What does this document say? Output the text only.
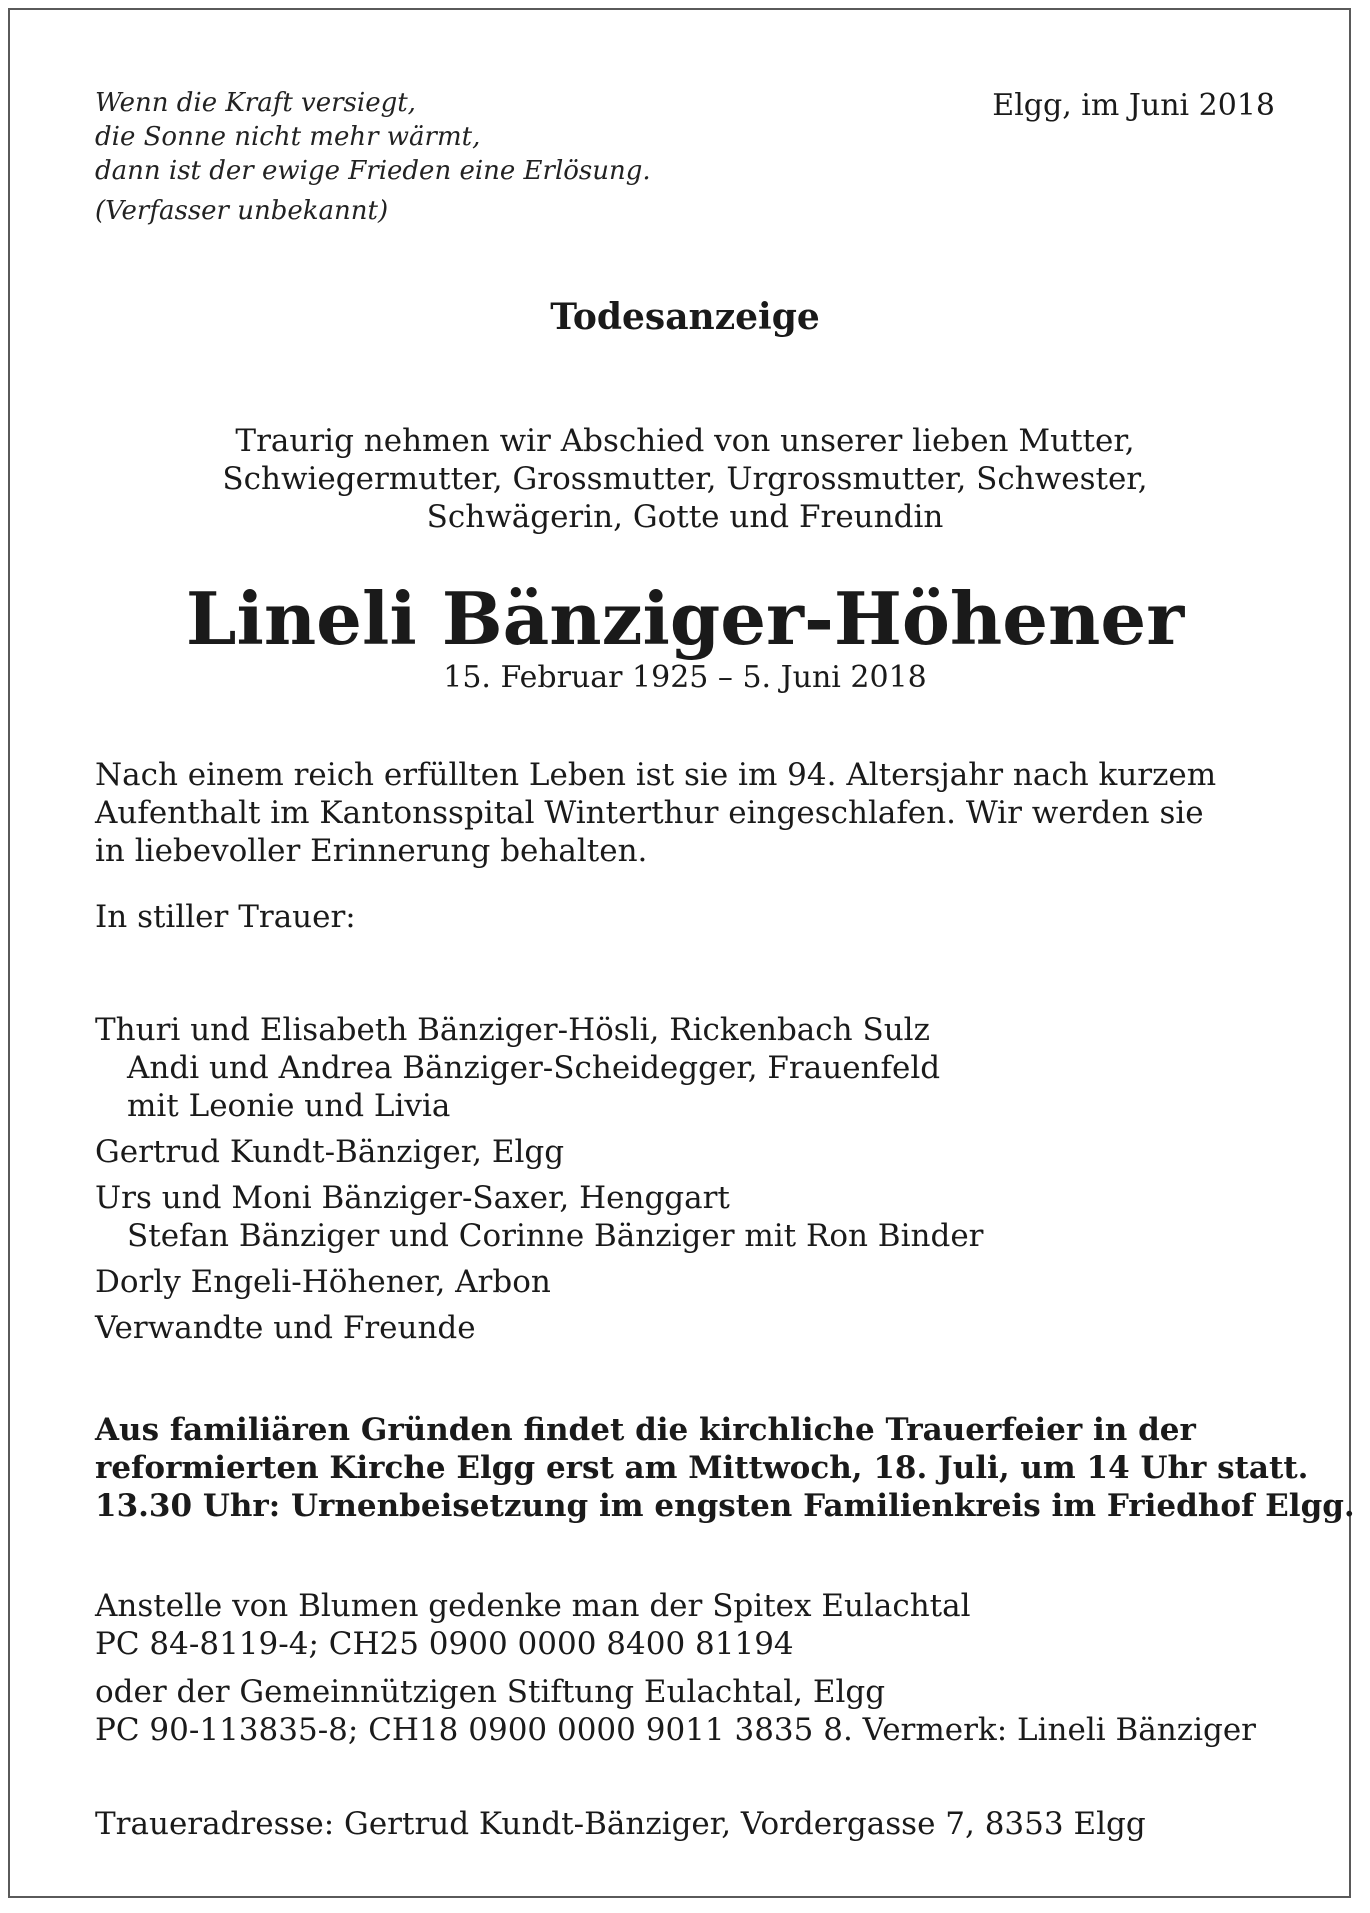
Wenn die Kraft versiegt,
die Sonne nicht mehr wärmt,
dann ist der ewige Frieden eine Erlösung.
(Verfasser unbekannt)
Elgg, im Juni 2018
Todesanzeige
Traurig nehmen wir Abschied von unserer lieben Mutter,
Schwiegermutter, Grossmutter, Urgrossmutter, Schwester,
Schwägerin, Gotte und Freundin
Lineli Bänziger-Höhener
15. Februar 1925 – 5. Juni 2018
Nach einem reich erfüllten Leben ist sie im 94. Altersjahr nach kurzem
Aufenthalt im Kantonsspital Winterthur eingeschlafen. Wir werden sie
in liebevoller Erinnerung behalten.
In stiller Trauer:
Thuri und Elisabeth Bänziger-Hösli, Rickenbach Sulz
Andi und Andrea Bänziger-Scheidegger, Frauenfeld
mit Leonie und Livia
Gertrud Kundt-Bänziger, Elgg
Urs und Moni Bänziger-Saxer, Henggart
Stefan Bänziger und Corinne Bänziger mit Ron Binder
Dorly Engeli-Höhener, Arbon
Verwandte und Freunde
Aus familiären Gründen findet die kirchliche Trauerfeier in der
reformierten Kirche Elgg erst am Mittwoch, 18. Juli, um 14 Uhr statt.
13.30 Uhr: Urnenbeisetzung im engsten Familienkreis im Friedhof Elgg.
Anstelle von Blumen gedenke man der Spitex Eulachtal
PC 84-8119-4; CH25 0900 0000 8400 81194
oder der Gemeinnützigen Stiftung Eulachtal, Elgg
PC 90-113835-8; CH18 0900 0000 9011 3835 8. Vermerk: Lineli Bänziger
Traueradresse: Gertrud Kundt-Bänziger, Vordergasse 7, 8353 Elgg
